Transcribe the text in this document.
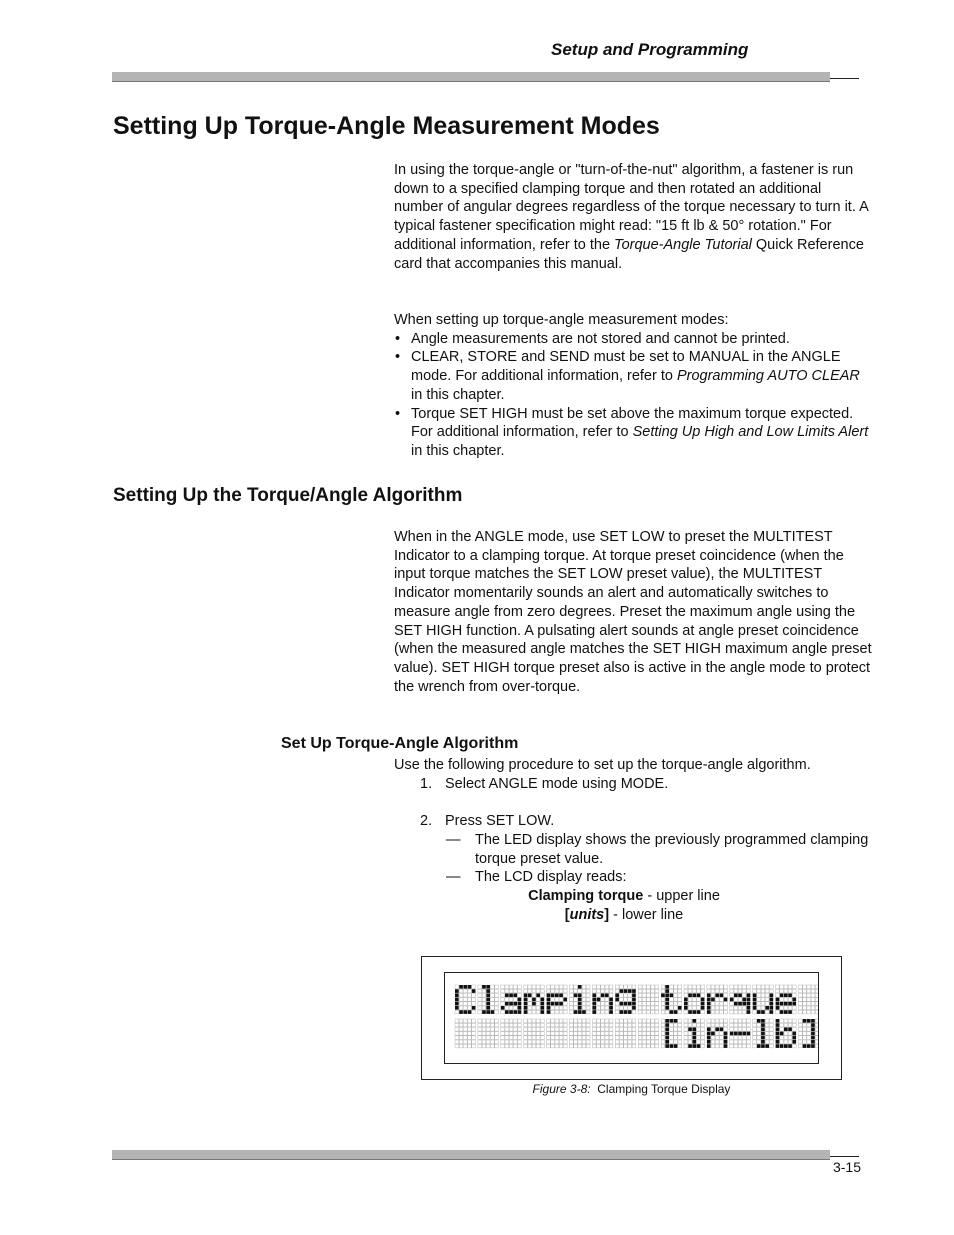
Setup and Programming
Setting Up Torque-Angle Measurement Modes

In using the torque-angle or "turn-of-the-nut" algorithm, a fastener is run down to a specified clamping torque and then rotated an additional number of angular degrees regardless of the torque necessary to turn it. A typical fastener specification might read: "15 ft lb & 50° rotation." For additional information, refer to the Torque-Angle Tutorial Quick Reference card that accompanies this manual.

When setting up torque-angle measurement modes:

• Angle measurements are not stored and cannot be printed.
• CLEAR, STORE and SEND must be set to MANUAL in the ANGLE mode. For additional information, refer to Programming AUTO CLEAR in this chapter.
• Torque SET HIGH must be set above the maximum torque expected. For additional information, refer to Setting Up High and Low Limits Alert in this chapter.
Setting Up the Torque/Angle Algorithm

When in the ANGLE mode, use SET LOW to preset the MULTITEST Indicator to a clamping torque. At torque preset coincidence (when the input torque matches the SET LOW preset value), the MULTITEST Indicator momentarily sounds an alert and automatically switches to measure angle from zero degrees. Preset the maximum angle using the SET HIGH function. A pulsating alert sounds at angle preset coincidence (when the measured angle matches the SET HIGH maximum angle preset value). SET HIGH torque preset also is active in the angle mode to protect the wrench from over-torque.

Set Up Torque-Angle Algorithm

Use the following procedure to set up the torque-angle algorithm.

1. Select ANGLE mode using MODE.
2. Press SET LOW.
— The LED display shows the previously programmed clamping torque preset value.
— The LCD display reads:
Clamping torque - upper line
[units] - lower line
Figure 3-8: Clamping Torque Display
3-15
